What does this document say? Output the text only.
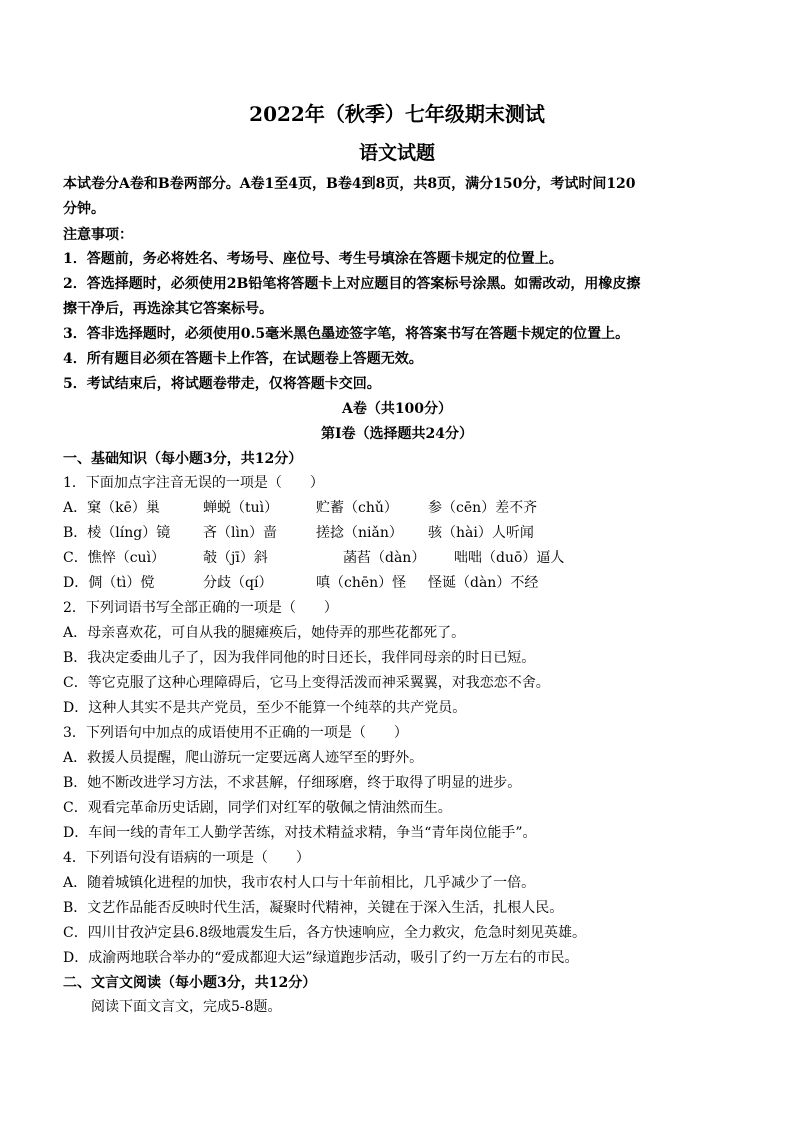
2022年（秋季）七年级期末测试
语文试题
本试卷分A卷和B卷两部分。A卷1至4页，B卷4到8页，共8页，满分150分，考试时间120
分钟。
注意事项：
1．答题前，务必将姓名、考场号、座位号、考生号填涂在答题卡规定的位置上。
2．答选择题时，必须使用2B铅笔将答题卡上对应题目的答案标号涂黑。如需改动，用橡皮擦
擦干净后，再选涂其它答案标号。
3．答非选择题时，必须使用0.5毫米黑色墨迹签字笔，将答案书写在答题卡规定的位置上。
4．所有题目必须在答题卡上作答，在试题卷上答题无效。
5．考试结束后，将试题卷带走，仅将答题卡交回。
A卷（共100分）
第Ⅰ卷（选择题共24分）
一、基础知识（每小题3分，共12分）
1．下面加点字注音无误的一项是（　　）
A．窠（kē）巢	蝉蜕（tuì）	贮蓄（chǔ） 参（cēn）差不齐
B．棱（líng）镜 吝（lìn）啬	搓捻（niǎn） 骇（hài）人听闻
C．憔悴（cuì）	攲（jī）斜	菡萏（dàn） 咄咄（duō）逼人
D．倜（tì）傥	分歧（qí）	嗔（chēn）怪 怪诞（dàn）不经
2．下列词语书写全部正确的一项是（　　）
A．母亲喜欢花，可自从我的腿瘫痪后，她侍弄的那些花都死了。
B．我决定委曲儿子了，因为我伴同他的时日还长，我伴同母亲的时日已短。
C．等它克服了这种心理障碍后，它马上变得活泼而神采翼翼，对我恋恋不舍。
D．这种人其实不是共产党员，至少不能算一个纯萃的共产党员。
3．下列语句中加点的成语使用不正确的一项是（　　）
A．救援人员提醒，爬山游玩一定要远离人迹罕至的野外。
B．她不断改进学习方法，不求甚解，仔细琢磨，终于取得了明显的进步。
C．观看完革命历史话剧，同学们对红军的敬佩之情油然而生。
D．车间一线的青年工人勤学苦练，对技术精益求精，争当“青年岗位能手”。
4．下列语句没有语病的一项是（　　）
A．随着城镇化进程的加快，我市农村人口与十年前相比，几乎减少了一倍。
B．文艺作品能否反映时代生活，凝聚时代精神，关键在于深入生活，扎根人民。
C．四川甘孜泸定县6.8级地震发生后，各方快速响应，全力救灾，危急时刻见英雄。
D．成渝两地联合举办的“爱成都迎大运”绿道跑步活动，吸引了约一万左右的市民。
二、文言文阅读（每小题3分，共12分）
阅读下面文言文，完成5-8题。
